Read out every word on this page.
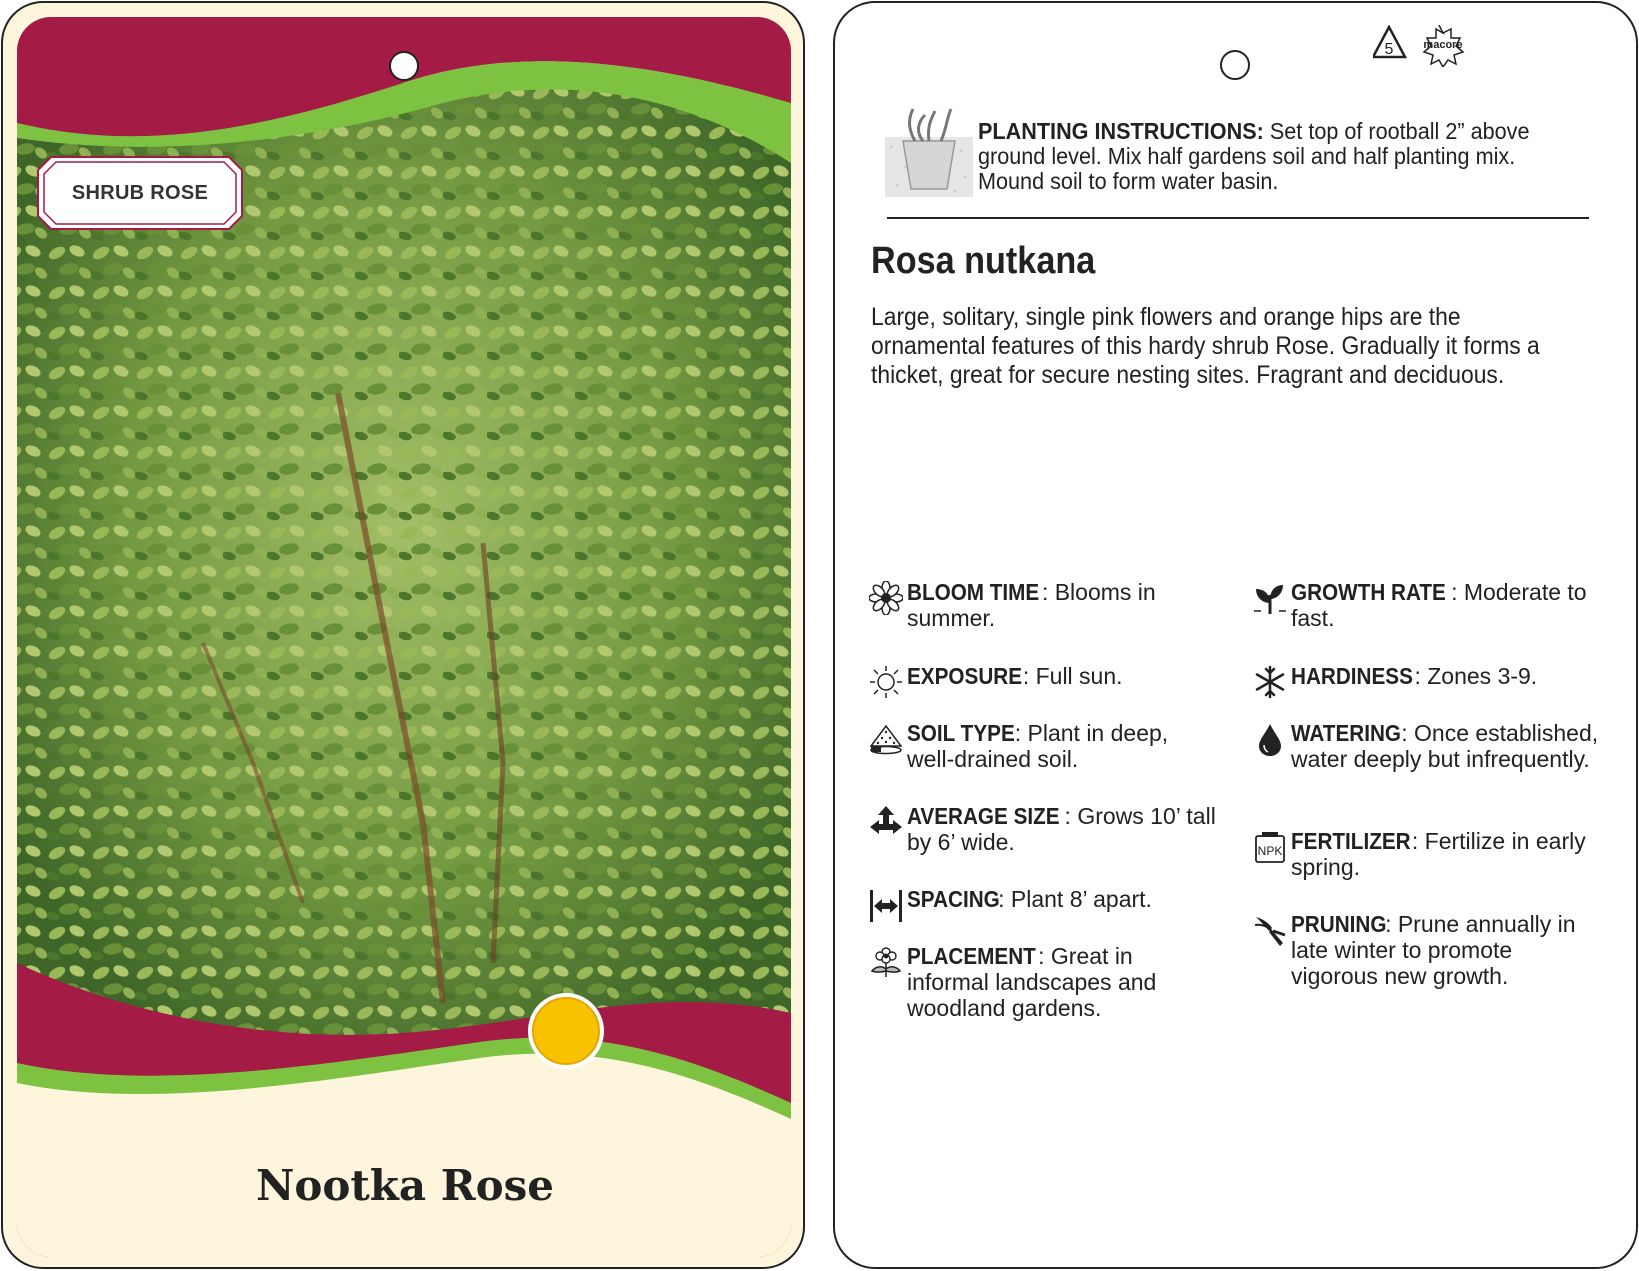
SHRUB ROSE
Nootka Rose
5	macore
PLANTING INSTRUCTIONS: Set top of rootball 2” above ground level. Mix half gardens soil and half planting mix. Mound soil to form water basin.
Rosa nutkana
Large, solitary, single pink flowers and orange hips are the ornamental features of this hardy shrub Rose. Gradually it forms a thicket, great for secure nesting sites. Fragrant and deciduous.
BLOOM TIME : Blooms in summer.
EXPOSURE: Full sun.
SOIL TYPE: Plant in deep, well-drained soil.
AVERAGE SIZE : Grows 10’ tall by 6’ wide.
SPACING: Plant 8’ apart.
PLACEMENT : Great in informal landscapes and woodland gardens.
GROWTH RATE : Moderate to fast.
HARDINESS: Zones 3-9.
WATERING: Once established, water deeply but infrequently.
NPK FERTILIZER: Fertilize in early spring.
PRUNING: Prune annually in late winter to promote vigorous new growth.
